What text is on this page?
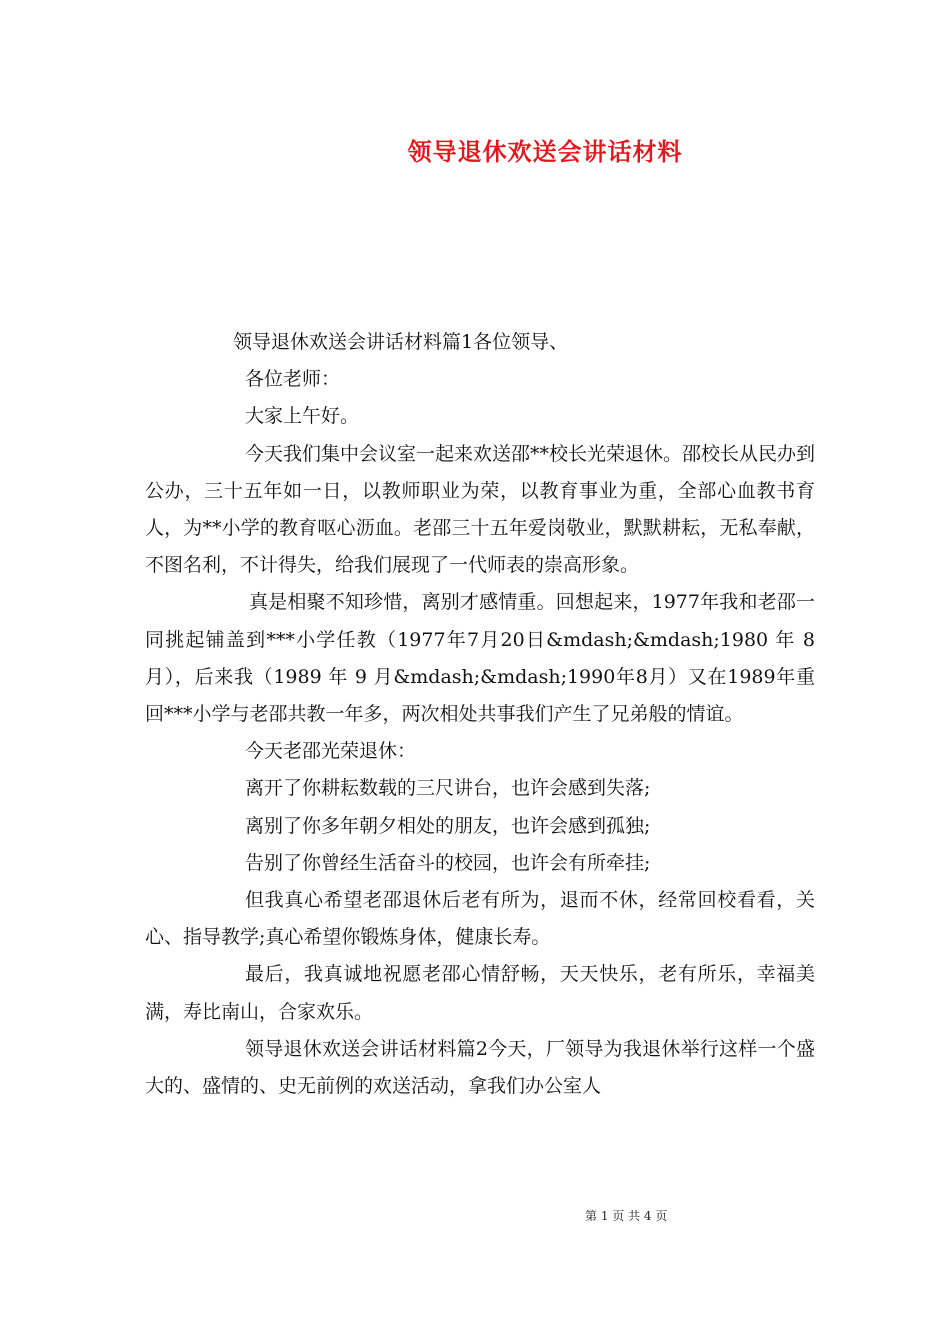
领导退休欢送会讲话材料

领导退休欢送会讲话材料篇1各位领导、

各位老师：

大家上午好。

今天我们集中会议室一起来欢送邵**校长光荣退休。邵校长从民办到公办，三十五年如一日，以教师职业为荣，以教育事业为重，全部心血教书育人，为**小学的教育呕心沥血。老邵三十五年爱岗敬业，默默耕耘，无私奉献，不图名利，不计得失，给我们展现了一代师表的崇高形象。

真是相聚不知珍惜，离别才感情重。回想起来，1977年我和老邵一同挑起铺盖到***小学任教（1977年7月20日&mdash;&mdash;1980 年 8 月），后来我（1989 年 9 月&mdash;&mdash;1990年8月）又在1989年重回***小学与老邵共教一年多，两次相处共事我们产生了兄弟般的情谊。

今天老邵光荣退休：

离开了你耕耘数载的三尺讲台，也许会感到失落;

离别了你多年朝夕相处的朋友，也许会感到孤独;

告别了你曾经生活奋斗的校园，也许会有所牵挂;

但我真心希望老邵退休后老有所为，退而不休，经常回校看看，关心、指导教学;真心希望你锻炼身体，健康长寿。

最后，我真诚地祝愿老邵心情舒畅，天天快乐，老有所乐，幸福美满，寿比南山，合家欢乐。

领导退休欢送会讲话材料篇2今天，厂领导为我退休举行这样一个盛大的、盛情的、史无前例的欢送活动，拿我们办公室人

第 1 页 共 4 页
